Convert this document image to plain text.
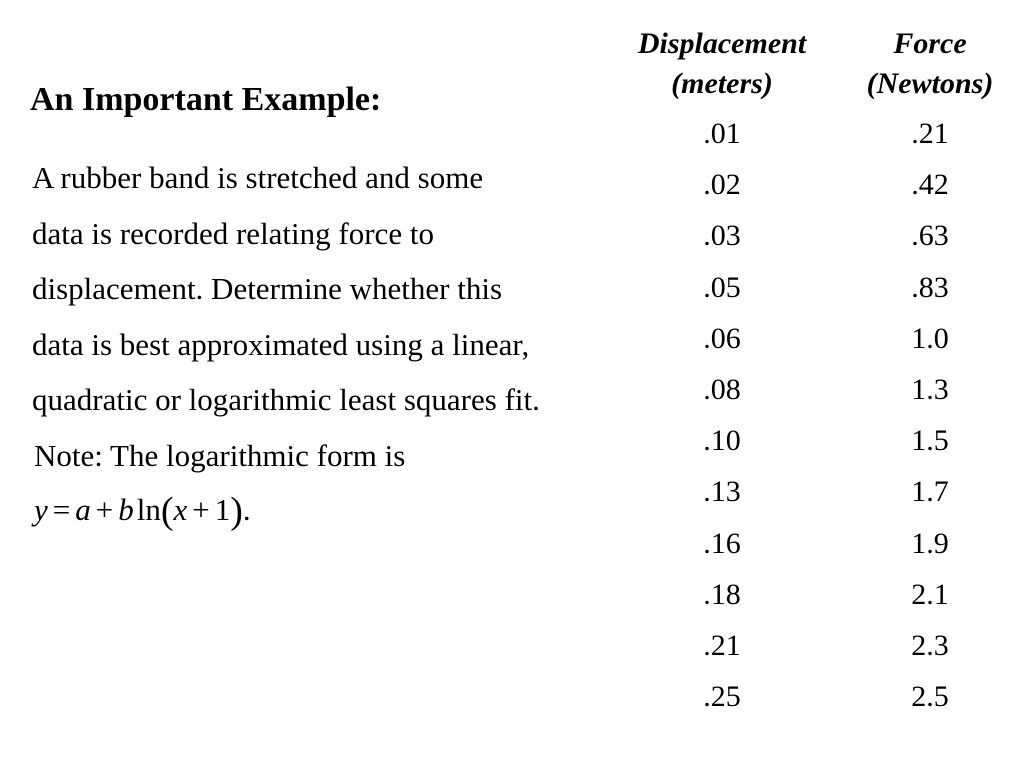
An Important Example:
A rubber band is stretched and some
data is recorded relating force to
displacement. Determine whether this
data is best approximated using a linear,
quadratic or logarithmic least squares fit.
Note: The logarithmic form is
y = a + bln(x + 1).
Displacement
(meters)
Force
(Newtons)
.01	.21
.02	.42
.03	.63
.05	.83
.06	1.0
.08	1.3
.10	1.5
.13	1.7
.16	1.9
.18	2.1
.21	2.3
.25	2.5
